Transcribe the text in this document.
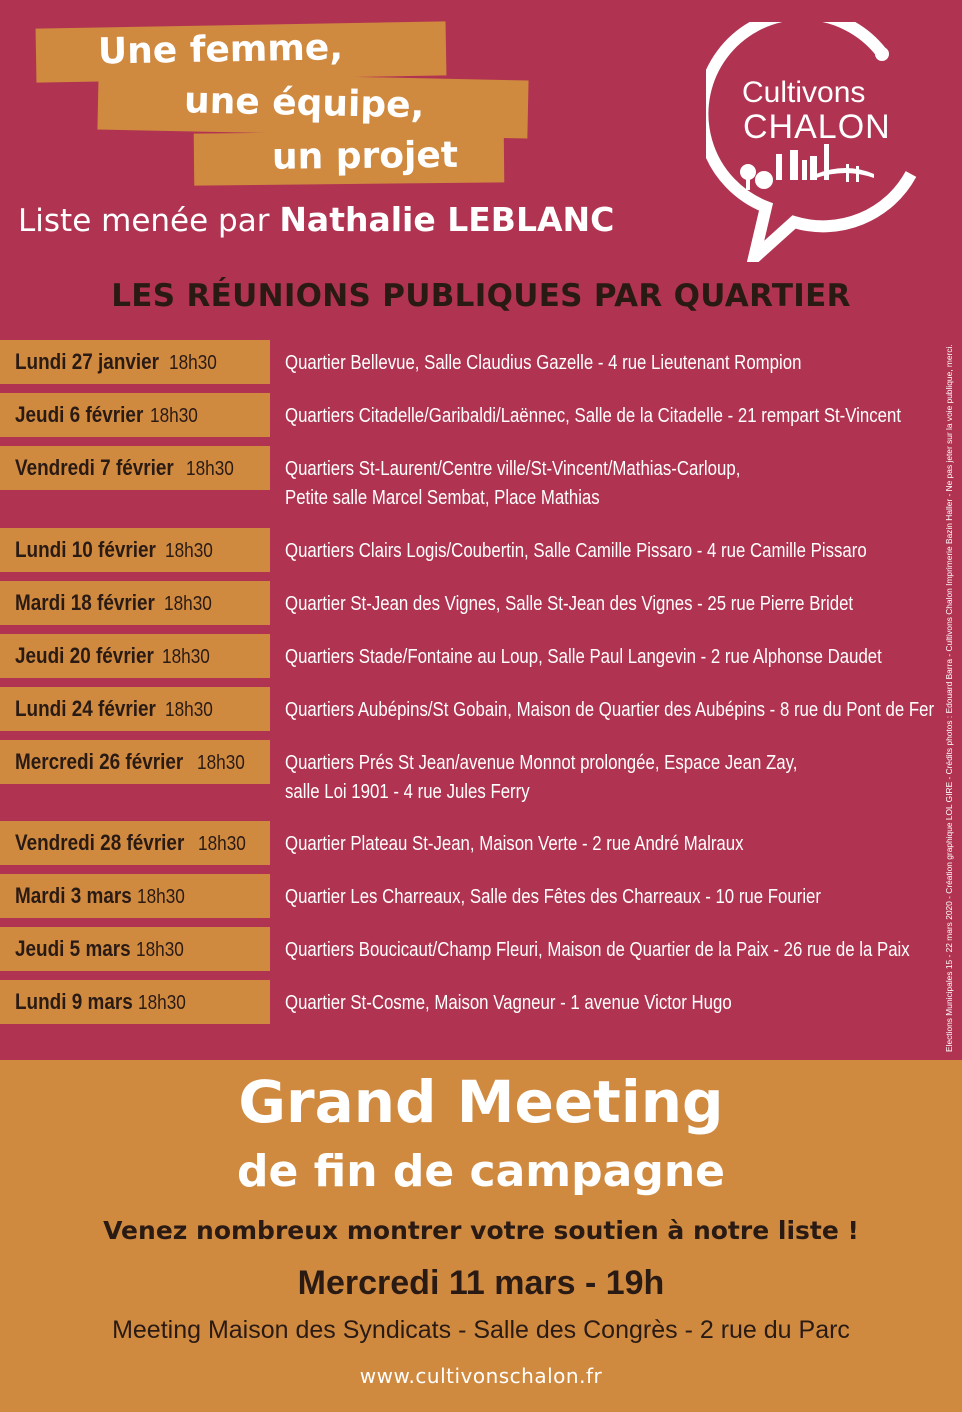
Une femme,
une équipe,
un projet
Liste menée par Nathalie LEBLANC
Cultivons
CHALON
LES RÉUNIONS PUBLIQUES PAR QUARTIER
Lundi 27 janvier 18h30	Quartier Bellevue, Salle Claudius Gazelle - 4 rue Lieutenant Rompion
Jeudi 6 février 18h30	Quartiers Citadelle/Garibaldi/Laënnec, Salle de la Citadelle - 21 rempart St-Vincent
Vendredi 7 février 18h30	Quartiers St-Laurent/Centre ville/St-Vincent/Mathias-Carloup,
Petite salle Marcel Sembat, Place Mathias
Lundi 10 février 18h30	Quartiers Clairs Logis/Coubertin, Salle Camille Pissaro - 4 rue Camille Pissaro
Mardi 18 février 18h30	Quartier St-Jean des Vignes, Salle St-Jean des Vignes - 25 rue Pierre Bridet
Jeudi 20 février 18h30	Quartiers Stade/Fontaine au Loup, Salle Paul Langevin - 2 rue Alphonse Daudet
Lundi 24 février 18h30	Quartiers Aubépins/St Gobain, Maison de Quartier des Aubépins - 8 rue du Pont de Fer
Mercredi 26 février 18h30	Quartiers Prés St Jean/avenue Monnot prolongée, Espace Jean Zay,
salle Loi 1901 - 4 rue Jules Ferry
Vendredi 28 février 18h30	Quartier Plateau St-Jean, Maison Verte - 2 rue André Malraux
Mardi 3 mars 18h30	Quartier Les Charreaux, Salle des Fêtes des Charreaux - 10 rue Fourier
Jeudi 5 mars 18h30	Quartiers Boucicaut/Champ Fleuri, Maison de Quartier de la Paix - 26 rue de la Paix
Lundi 9 mars 18h30	Quartier St-Cosme, Maison Vagneur - 1 avenue Victor Hugo	Elections Municipales 15 - 22 mars 2020 - Création graphique LOL GIRE - Crédits photos : Edouard Barra - Cultivons Chalon Imprimerie Bazin Haller - Ne pas jeter sur la voie publique, merci.
Grand Meeting
de fin de campagne
Venez nombreux montrer votre soutien à notre liste !
Mercredi 11 mars - 19h
Meeting Maison des Syndicats - Salle des Congrès - 2 rue du Parc
www.cultivonschalon.fr
